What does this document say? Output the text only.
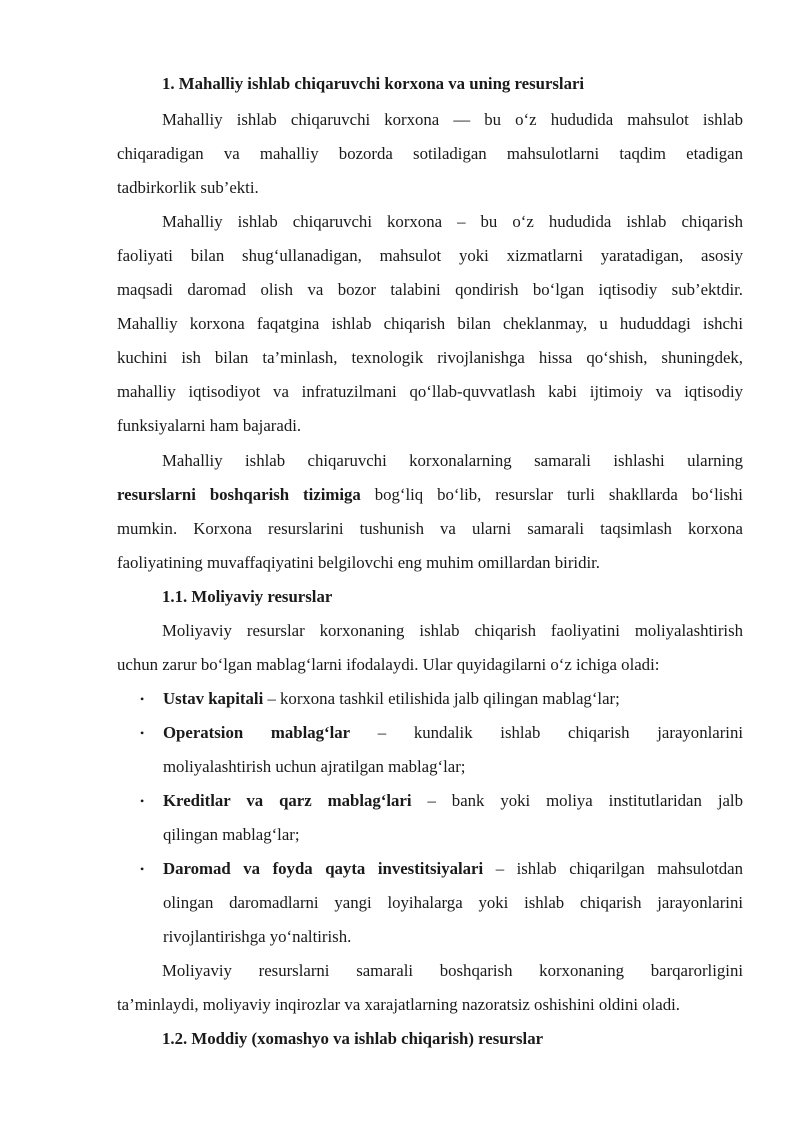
1. Mahalliy ishlab chiqaruvchi korxona va uning resurslari
Mahalliy ishlab chiqaruvchi korxona — bu o‘z hududida mahsulot ishlab
chiqaradigan va mahalliy bozorda sotiladigan mahsulotlarni taqdim etadigan
tadbirkorlik sub’ekti.
Mahalliy ishlab chiqaruvchi korxona – bu o‘z hududida ishlab chiqarish
faoliyati bilan shug‘ullanadigan, mahsulot yoki xizmatlarni yaratadigan, asosiy
maqsadi daromad olish va bozor talabini qondirish bo‘lgan iqtisodiy sub’ektdir.
Mahalliy korxona faqatgina ishlab chiqarish bilan cheklanmay, u hududdagi ishchi
kuchini ish bilan ta’minlash, texnologik rivojlanishga hissa qo‘shish, shuningdek,
mahalliy iqtisodiyot va infratuzilmani qo‘llab-quvvatlash kabi ijtimoiy va iqtisodiy
funksiyalarni ham bajaradi.
Mahalliy ishlab chiqaruvchi korxonalarning samarali ishlashi ularning
resurslarni boshqarish tizimiga bog‘liq bo‘lib, resurslar turli shakllarda bo‘lishi
mumkin. Korxona resurslarini tushunish va ularni samarali taqsimlash korxona
faoliyatining muvaffaqiyatini belgilovchi eng muhim omillardan biridir.
1.1. Moliyaviy resurslar
Moliyaviy resurslar korxonaning ishlab chiqarish faoliyatini moliyalashtirish
uchun zarur bo‘lgan mablag‘larni ifodalaydi. Ular quyidagilarni o‘z ichiga oladi:
• Ustav kapitali – korxona tashkil etilishida jalb qilingan mablag‘lar;
• Operatsion mablag‘lar – kundalik ishlab chiqarish jarayonlarini
moliyalashtirish uchun ajratilgan mablag‘lar;
• Kreditlar va qarz mablag‘lari – bank yoki moliya institutlaridan jalb
qilingan mablag‘lar;
• Daromad va foyda qayta investitsiyalari – ishlab chiqarilgan mahsulotdan
olingan daromadlarni yangi loyihalarga yoki ishlab chiqarish jarayonlarini
rivojlantirishga yo‘naltirish.
Moliyaviy resurslarni samarali boshqarish korxonaning barqarorligini
ta’minlaydi, moliyaviy inqirozlar va xarajatlarning nazoratsiz oshishini oldini oladi.
1.2. Moddiy (xomashyo va ishlab chiqarish) resurslar
